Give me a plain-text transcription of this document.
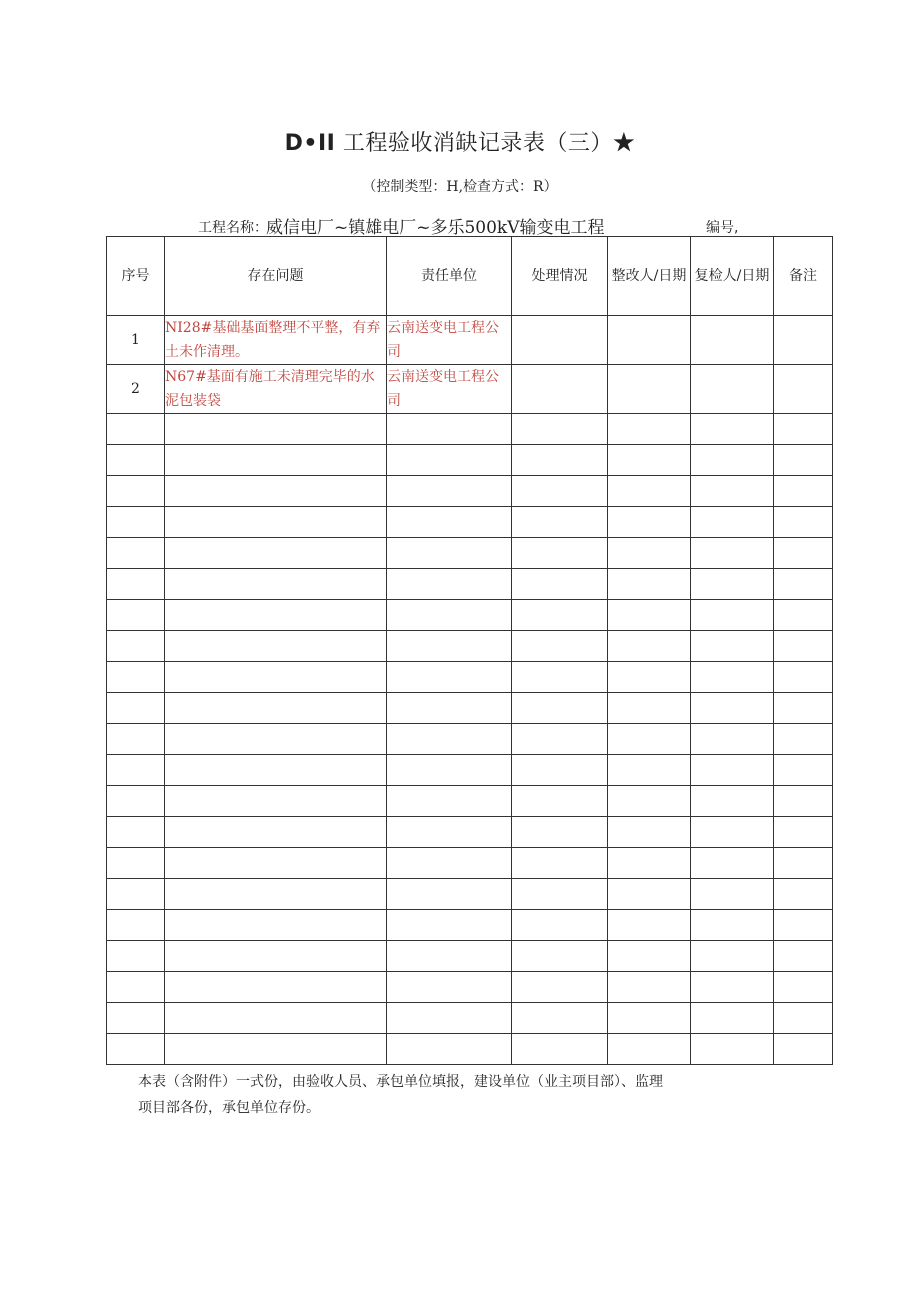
D•II 工程验收消缺记录表（三）★
（控制类型：H,检查方式：R）
工程名称：
威信电厂~镇雄电厂~多乐500kV输变电工程	编号,
序号	存在问题	责任单位	处理情况	整改人/日期	复检人/日期	备注
1	NI28#基础基面整理不平整，有弃土未作清理。	云南送变电工程公司				
2	N67#基面有施工未清理完毕的水泥包装袋	云南送变电工程公司				

本表（含附件）一式份，由验收人员、承包单位填报，建设单位（业主项目部）、监理
项目部各份，承包单位存份。
